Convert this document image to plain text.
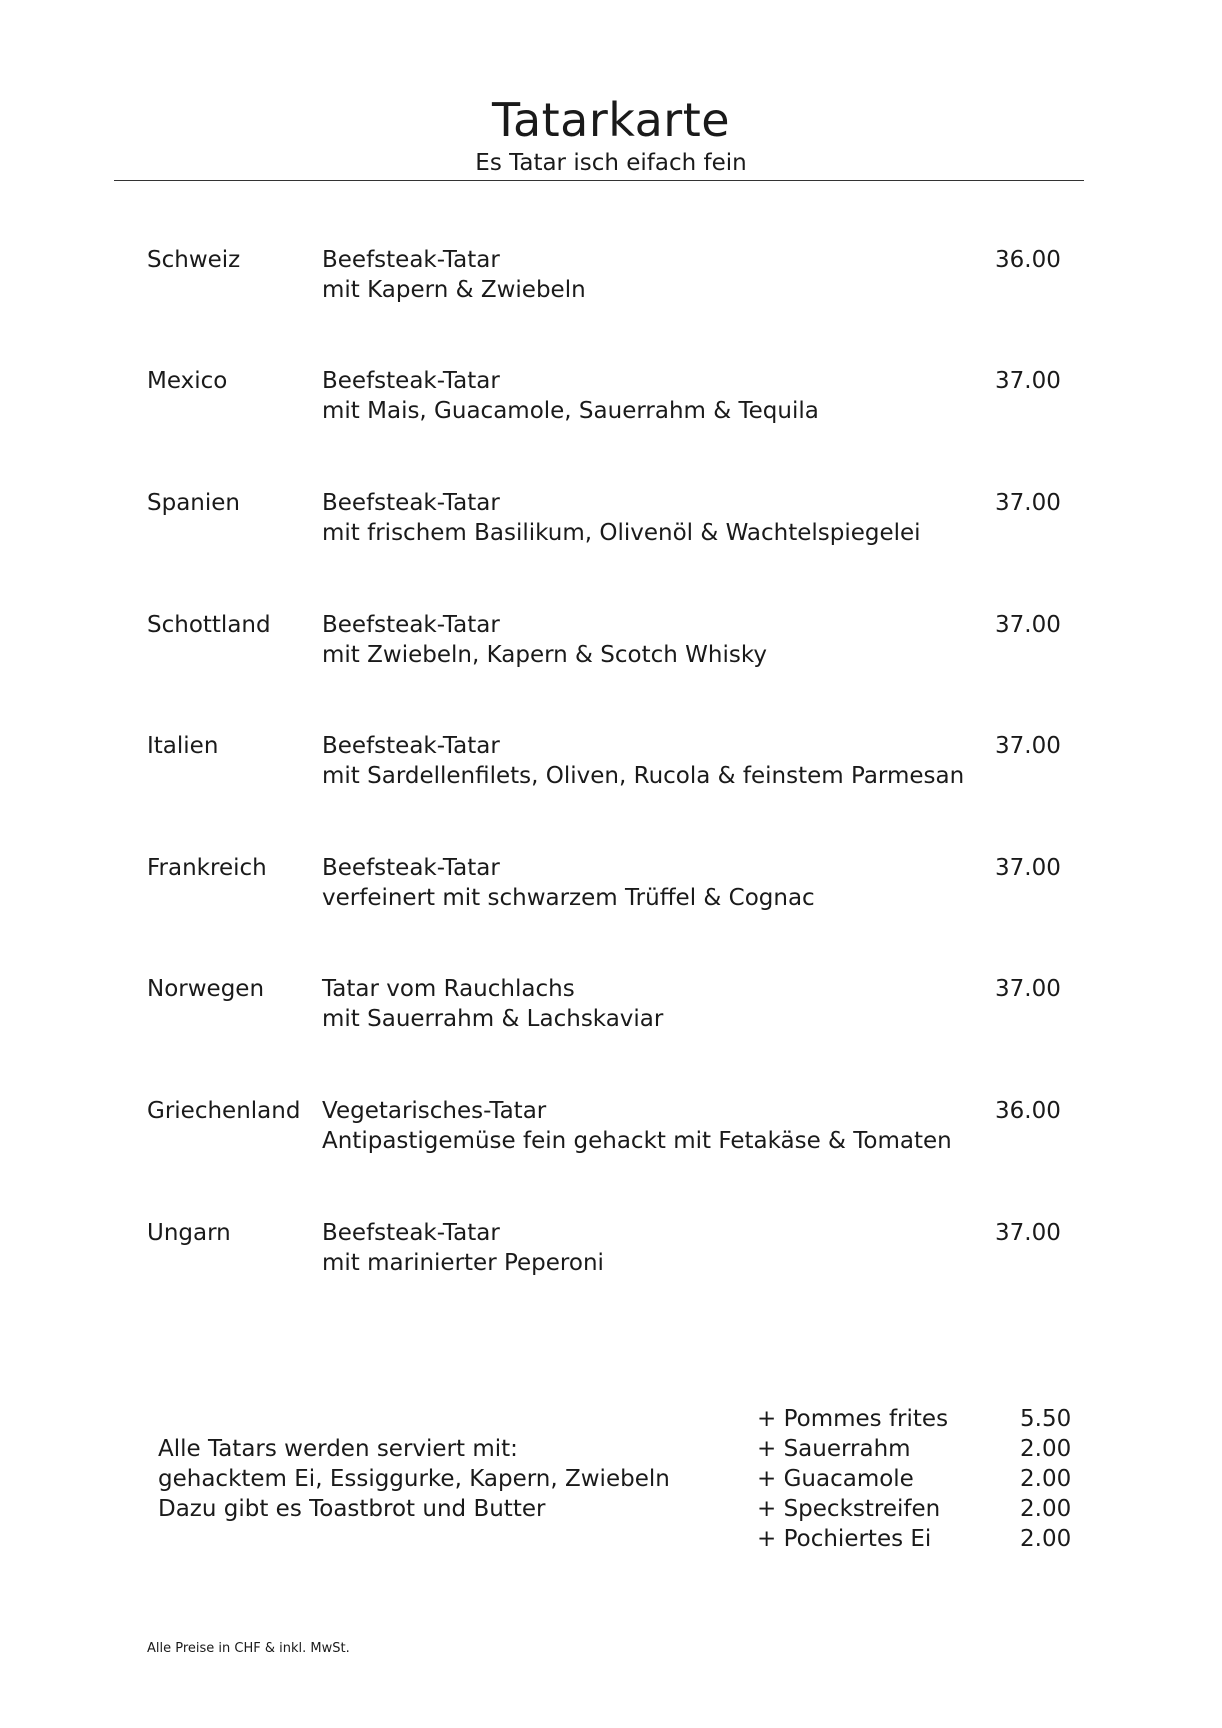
Tatarkarte
Es Tatar isch eifach fein
Schweiz	Beefsteak-Tatar
mit Kapern & Zwiebeln
36.00
Mexico	Beefsteak-Tatar
mit Mais, Guacamole, Sauerrahm & Tequila
37.00
Spanien	Beefsteak-Tatar
mit frischem Basilikum, Olivenöl & Wachtelspiegelei
37.00
Schottland Beefsteak-Tatar
mit Zwiebeln, Kapern & Scotch Whisky
37.00
Italien	Beefsteak-Tatar
mit Sardellenfilets, Oliven, Rucola & feinstem Parmesan
37.00
Frankreich Beefsteak-Tatar
verfeinert mit schwarzem Trüffel & Cognac
37.00
Norwegen	Tatar vom Rauchlachs
mit Sauerrahm & Lachskaviar
37.00
Griechenland Vegetarisches-Tatar
Antipastigemüse fein gehackt mit Fetakäse & Tomaten
36.00
Ungarn	Beefsteak-Tatar
mit marinierter Peperoni
37.00
Alle Tatars werden serviert mit:
gehacktem Ei, Essiggurke, Kapern, Zwiebeln
Dazu gibt es Toastbrot und Butter
+ Pommes frites	5.50
+ Sauerrahm	2.00
+ Guacamole	2.00
+ Speckstreifen	2.00
+ Pochiertes Ei	2.00
Alle Preise in CHF & inkl. MwSt.
